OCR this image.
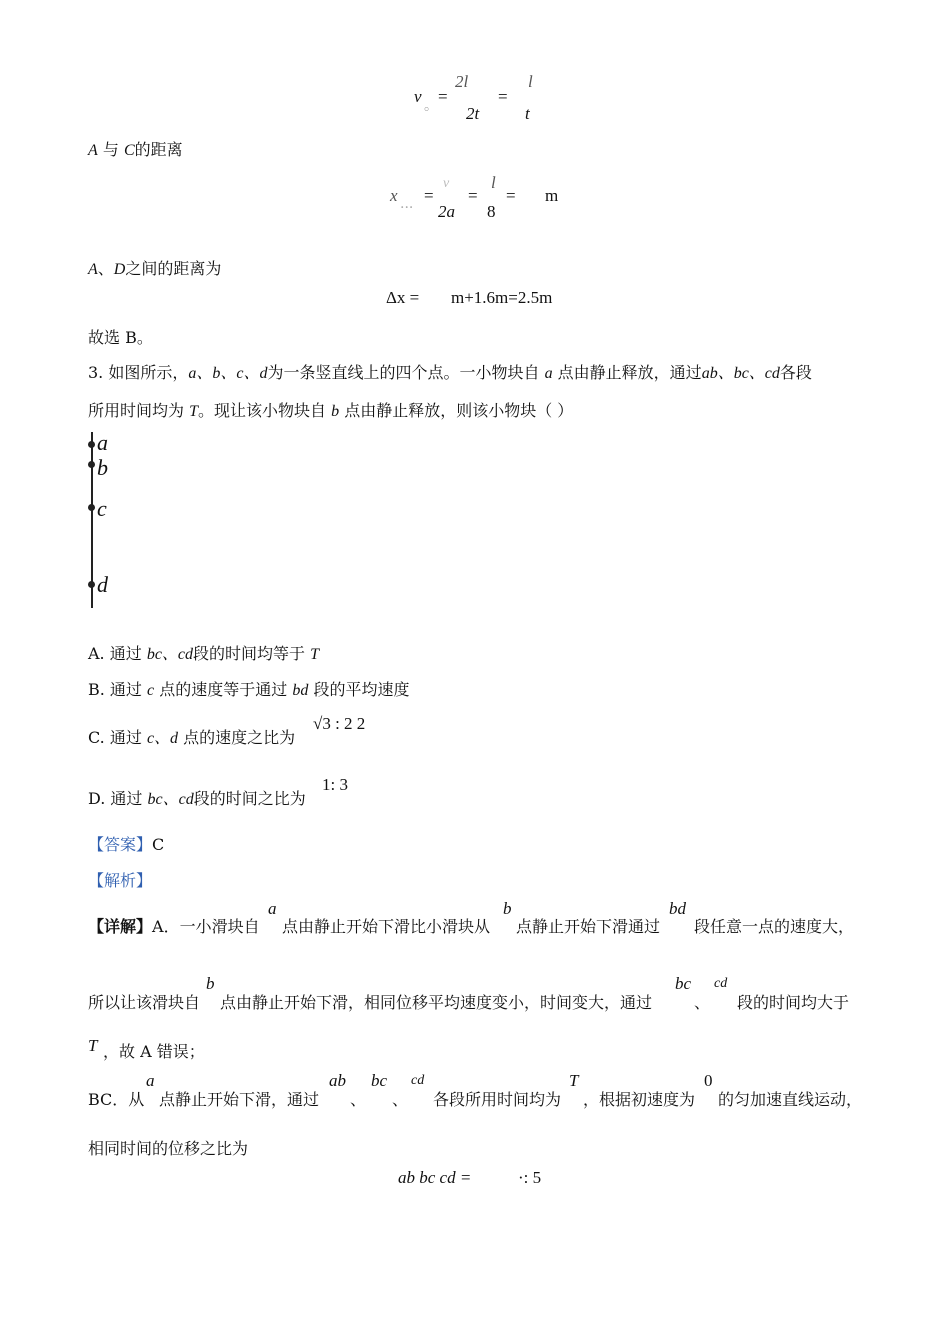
v 。 =
2l
2t
=
l
t
A 与 C的距离
x ... =
v
2a
=
l
8
= m
A、D之间的距离为
Δx = m+1.6m=2.5m
故选 B。
3. 如图所示，a、b、c、d为一条竖直线上的四个点。一小物块自 a 点由静止释放，通过ab、bc、cd各段
所用时间均为 T。现让该小物块自 b 点由静止释放，则该小物块（ ）
a
b
c
d
A. 通过 bc、cd段的时间均等于 T
B. 通过 c 点的速度等于通过 bd 段的平均速度
C. 通过 c、d 点的速度之比为
√3 : 2 2
D. 通过 bc、cd段的时间之比为
1: 3
【答案】C
【解析】
【详解】A．一小滑块自
a
点由静止开始下滑比小滑块从
b
点静止开始下滑通过
bd
段任意一点的速度大，
所以让该滑块自
b
点由静止开始下滑，相同位移平均速度变小，时间变大，通过
bc
、
cd
段的时间均大于
T ，故 A 错误；
BC．从
a
点静止开始下滑，通过
ab
、
bc
、
cd
各段所用时间均为
T
，根据初速度为
0
的匀加速直线运动，
相同时间的位移之比为
ab bc cd =	·: 5
